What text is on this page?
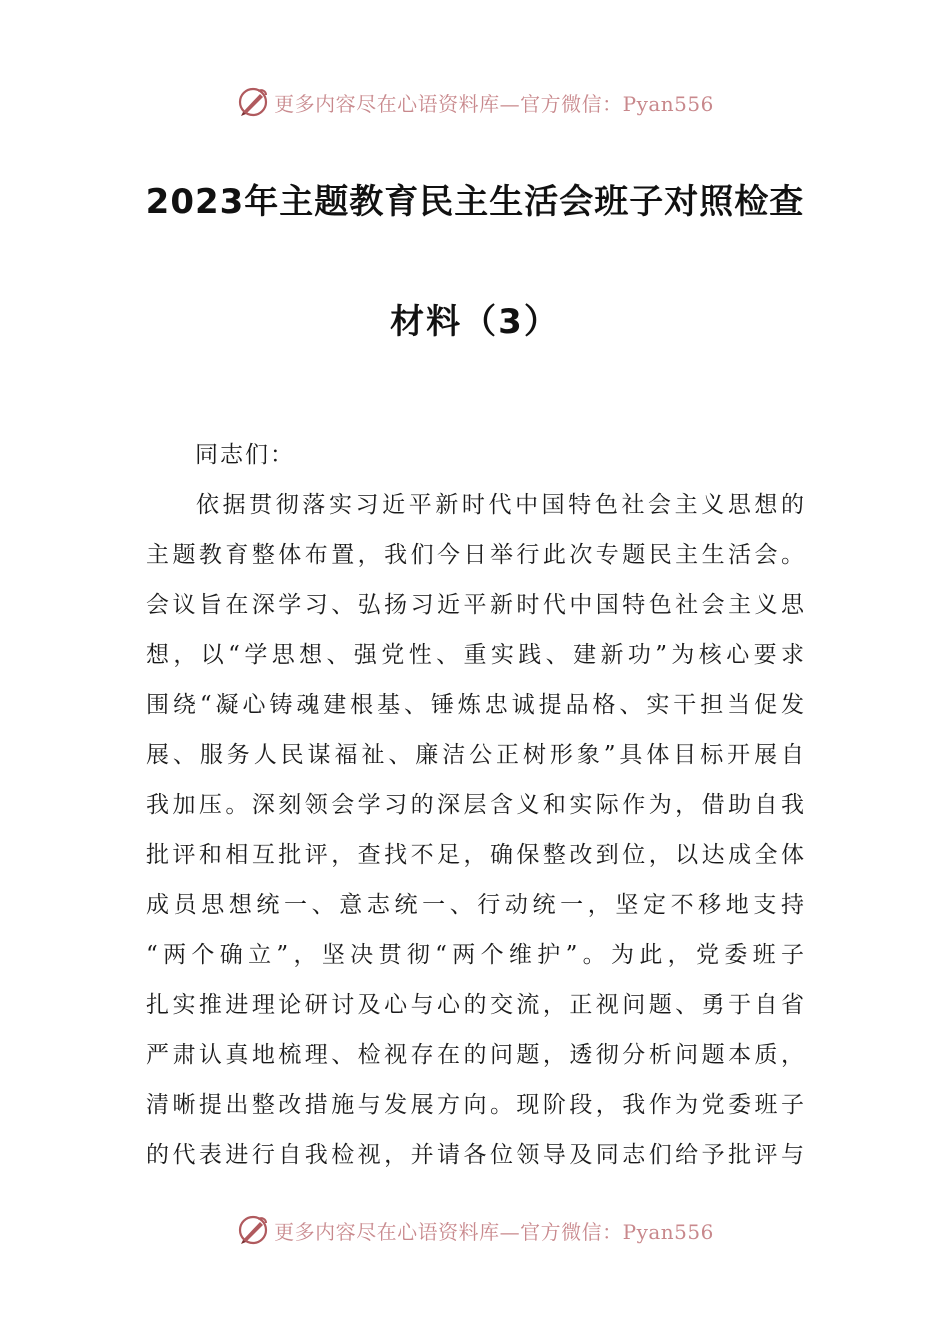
更多内容尽在心语资料库—官方微信：Pyan556
2023年主题教育民主生活会班子对照检查
材料（3）
同志们：
依据贯彻落实习近平新时代中国特色社会主义思想的
主题教育整体布置，我们今日举行此次专题民主生活会。
会议旨在深学习、弘扬习近平新时代中国特色社会主义思
想，以“学思想、强党性、重实践、建新功”为核心要求
围绕“凝心铸魂建根基、锤炼忠诚提品格、实干担当促发
展、服务人民谋福祉、廉洁公正树形象”具体目标开展自
我加压。深刻领会学习的深层含义和实际作为，借助自我
批评和相互批评，查找不足，确保整改到位，以达成全体
成员思想统一、意志统一、行动统一，坚定不移地支持
“两个确立”，坚决贯彻“两个维护”。为此，党委班子
扎实推进理论研讨及心与心的交流，正视问题、勇于自省
严肃认真地梳理、检视存在的问题，透彻分析问题本质，
清晰提出整改措施与发展方向。现阶段，我作为党委班子
的代表进行自我检视，并请各位领导及同志们给予批评与
更多内容尽在心语资料库—官方微信：Pyan556
